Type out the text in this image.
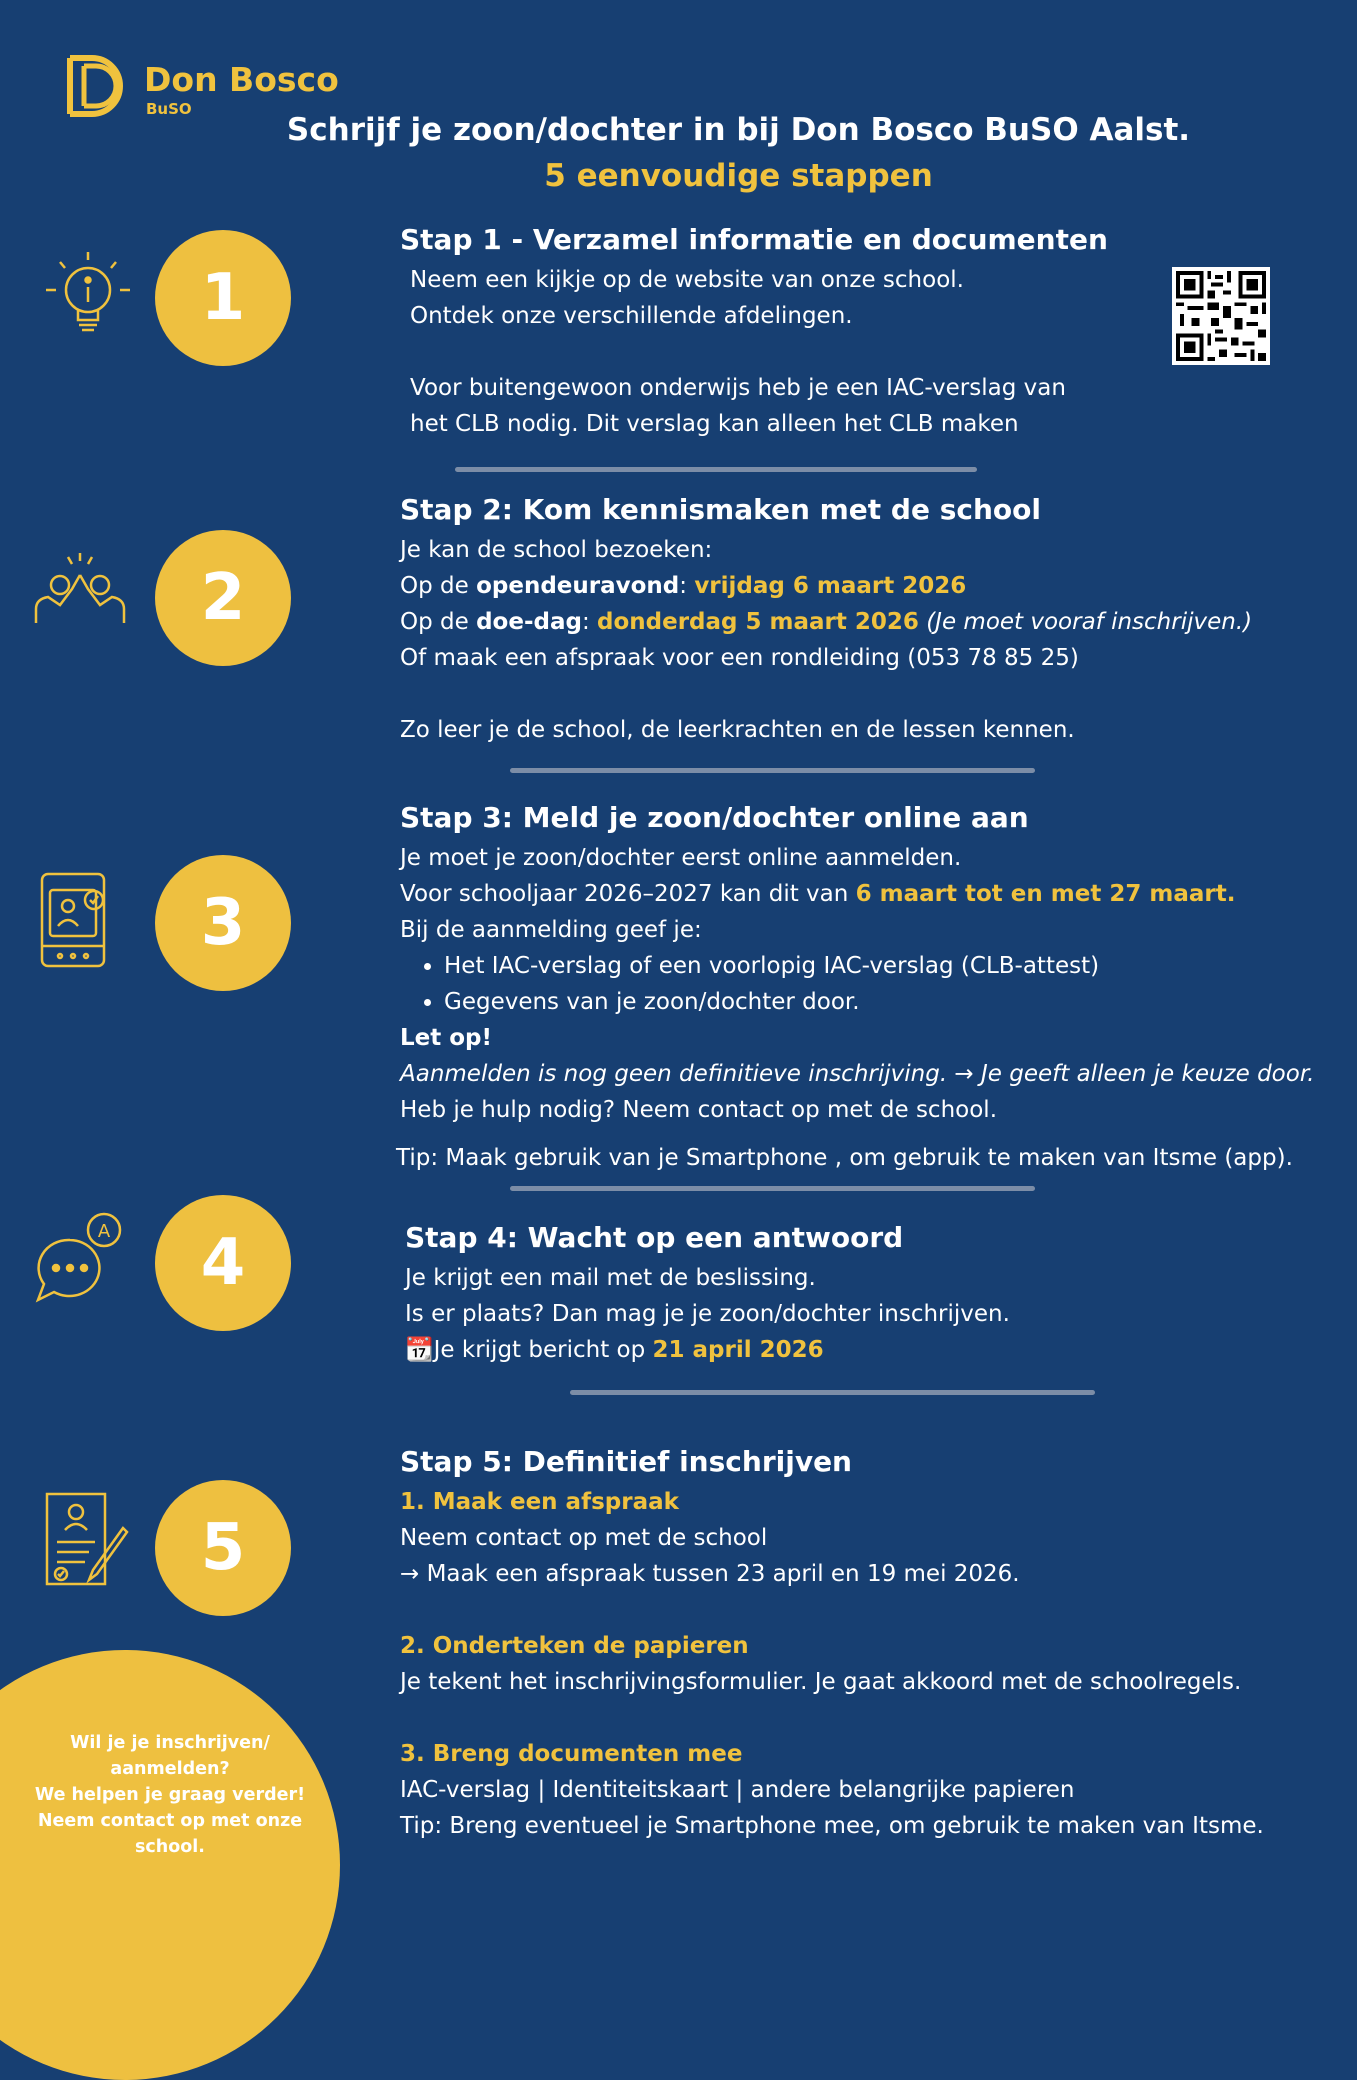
Don Bosco
BuSO
Schrijf je zoon/dochter in bij Don Bosco BuSO Aalst.
5 eenvoudige stappen
1
2
3
A	4
5
Stap 1 - Verzamel informatie en documenten
Neem een kijkje op de website van onze school.
Ontdek onze verschillende afdelingen.
Voor buitengewoon onderwijs heb je een IAC-verslag van
het CLB nodig. Dit verslag kan alleen het CLB maken
Stap 2: Kom kennismaken met de school
Je kan de school bezoeken:
Op de opendeuravond: vrijdag 6 maart 2026
Op de doe-dag: donderdag 5 maart 2026 (Je moet vooraf inschrijven.)
Of maak een afspraak voor een rondleiding (053 78 85 25)
Zo leer je de school, de leerkrachten en de lessen kennen.
Stap 3: Meld je zoon/dochter online aan
Je moet je zoon/dochter eerst online aanmelden.
Voor schooljaar 2026–2027 kan dit van 6 maart tot en met 27 maart.
Bij de aanmelding geef je:
• Het IAC-verslag of een voorlopig IAC-verslag (CLB-attest)
• Gegevens van je zoon/dochter door.
Let op!
Aanmelden is nog geen definitieve inschrijving. → Je geeft alleen je keuze door.
Heb je hulp nodig? Neem contact op met de school.
Tip: Maak gebruik van je Smartphone , om gebruik te maken van Itsme (app).
Stap 4: Wacht op een antwoord
Je krijgt een mail met de beslissing.
Is er plaats? Dan mag je je zoon/dochter inschrijven.
📆Je krijgt bericht op 21 april 2026
Stap 5: Definitief inschrijven
1. Maak een afspraak
Neem contact op met de school
→ Maak een afspraak tussen 23 april en 19 mei 2026.
2. Onderteken de papieren
Je tekent het inschrijvingsformulier. Je gaat akkoord met de schoolregels.
3. Breng documenten mee
IAC-verslag | Identiteitskaart | andere belangrijke papieren
Tip: Breng eventueel je Smartphone mee, om gebruik te maken van Itsme.
Wil je je inschrijven/
aanmelden?
We helpen je graag verder!
Neem contact op met onze
school.
